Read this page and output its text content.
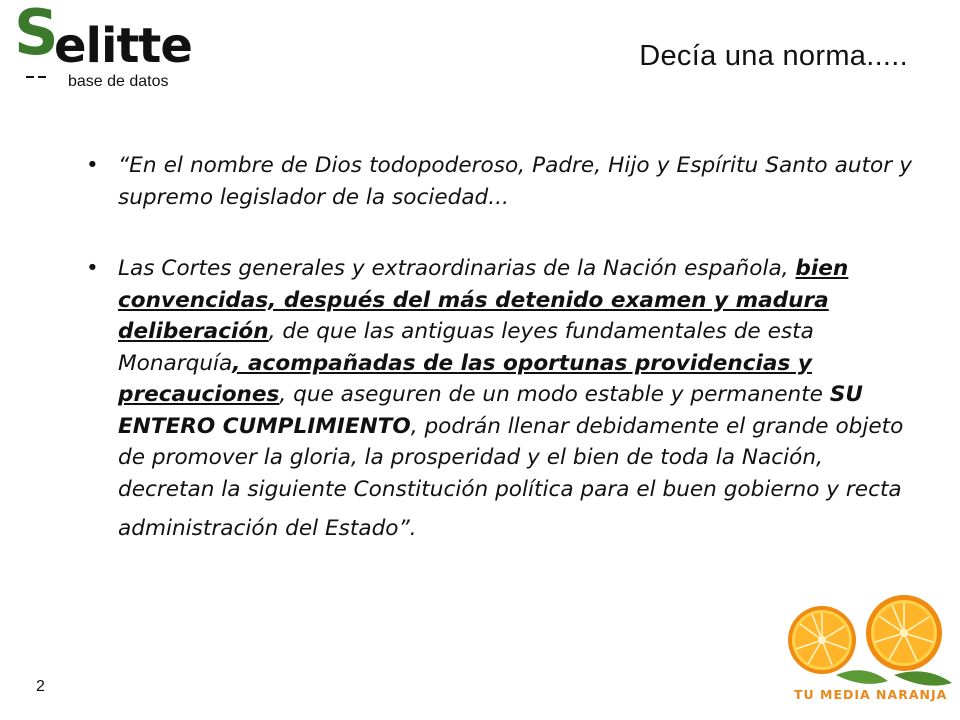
S
elitte
base de datos
Decía una norma.....
• “En el nombre de Dios todopoderoso, Padre, Hijo y Espíritu Santo autor y supremo legislador de la sociedad...
• Las Cortes generales y extraordinarias de la Nación española, bien convencidas, después del más detenido examen y madura deliberación, de que las antiguas leyes fundamentales de esta Monarquía, acompañadas de las oportunas providencias y precauciones, que aseguren de un modo estable y permanente SU ENTERO CUMPLIMIENTO, podrán llenar debidamente el grande objeto de promover la gloria, la prosperidad y el bien de toda la Nación, decretan la siguiente Constitución política para el buen gobierno y recta
administración del Estado”.
2	TU MEDIA NARANJA
